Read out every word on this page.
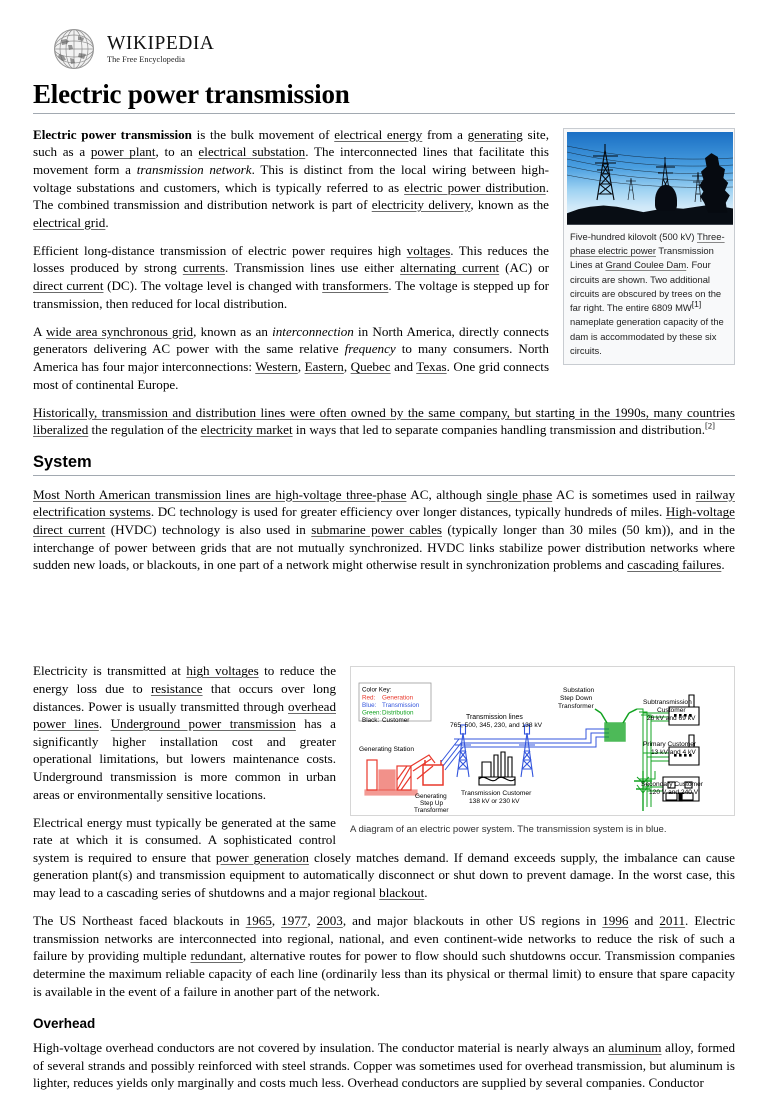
WIKIPEDIA
The Free Encyclopedia
Electric power transmission
Five-hundred kilovolt (500 kV) Three-phase electric power Transmission Lines at Grand Coulee Dam. Four circuits are shown. Two additional circuits are obscured by trees on the far right. The entire 6809 MW[1] nameplate generation capacity of the dam is accommodated by these six circuits.

Electric power transmission is the bulk movement of electrical energy from a generating site, such as a power plant, to an electrical substation. The interconnected lines that facilitate this movement form a transmission network. This is distinct from the local wiring between high-voltage substations and customers, which is typically referred to as electric power distribution. The combined transmission and distribution network is part of electricity delivery, known as the electrical grid.

Efficient long-distance transmission of electric power requires high voltages. This reduces the losses produced by strong currents. Transmission lines use either alternating current (AC) or direct current (DC). The voltage level is changed with transformers. The voltage is stepped up for transmission, then reduced for local distribution.

A wide area synchronous grid, known as an interconnection in North America, directly connects generators delivering AC power with the same relative frequency to many consumers. North America has four major interconnections: Western, Eastern, Quebec and Texas. One grid connects most of continental Europe.

Historically, transmission and distribution lines were often owned by the same company, but starting in the 1990s, many countries liberalized the regulation of the electricity market in ways that led to separate companies handling transmission and distribution.[2]

System

Most North American transmission lines are high-voltage three-phase AC, although single phase AC is sometimes used in railway electrification systems. DC technology is used for greater efficiency over longer distances, typically hundreds of miles. High-voltage direct current (HVDC) technology is also used in submarine power cables (typically longer than 30 miles (50 km)), and in the interchange of power between grids that are not mutually synchronized. HVDC links stabilize power distribution networks where sudden new loads, or blackouts, in one part of a network might otherwise result in synchronization problems and cascading failures.

Color Key:
Red: Generation
Blue: Transmission
Green: Distribution
Black: Customer
Generating Station
Generating
Step Up
Transformer
Transmission lines
765, 500, 345, 230, and 138 kV
Transmission Customer
138 kV or 230 kV
Substation
Step Down
Transformer
Subtransmission
Customer
26 kV and 69 kV
Primary Customer
13 kV and 4 kV
Secondary Customer
120 V and 240 V
A diagram of an electric power system. The transmission system is in blue.

Electricity is transmitted at high voltages to reduce the energy loss due to resistance that occurs over long distances. Power is usually transmitted through overhead power lines. Underground power transmission has a significantly higher installation cost and greater operational limitations, but lowers maintenance costs. Underground transmission is more common in urban areas or environmentally sensitive locations.

Electrical energy must typically be generated at the same rate at which it is consumed. A sophisticated control system is required to ensure that power generation closely matches demand. If demand exceeds supply, the imbalance can cause generation plant(s) and transmission equipment to automatically disconnect or shut down to prevent damage. In the worst case, this may lead to a cascading series of shutdowns and a major regional blackout.

The US Northeast faced blackouts in 1965, 1977, 2003, and major blackouts in other US regions in 1996 and 2011. Electric transmission networks are interconnected into regional, national, and even continent-wide networks to reduce the risk of such a failure by providing multiple redundant, alternative routes for power to flow should such shutdowns occur. Transmission companies determine the maximum reliable capacity of each line (ordinarily less than its physical or thermal limit) to ensure that spare capacity is available in the event of a failure in another part of the network.

Overhead

High-voltage overhead conductors are not covered by insulation. The conductor material is nearly always an aluminum alloy, formed of several strands and possibly reinforced with steel strands. Copper was sometimes used for overhead transmission, but aluminum is lighter, reduces yields only marginally and costs much less. Overhead conductors are supplied by several companies. Conductor
